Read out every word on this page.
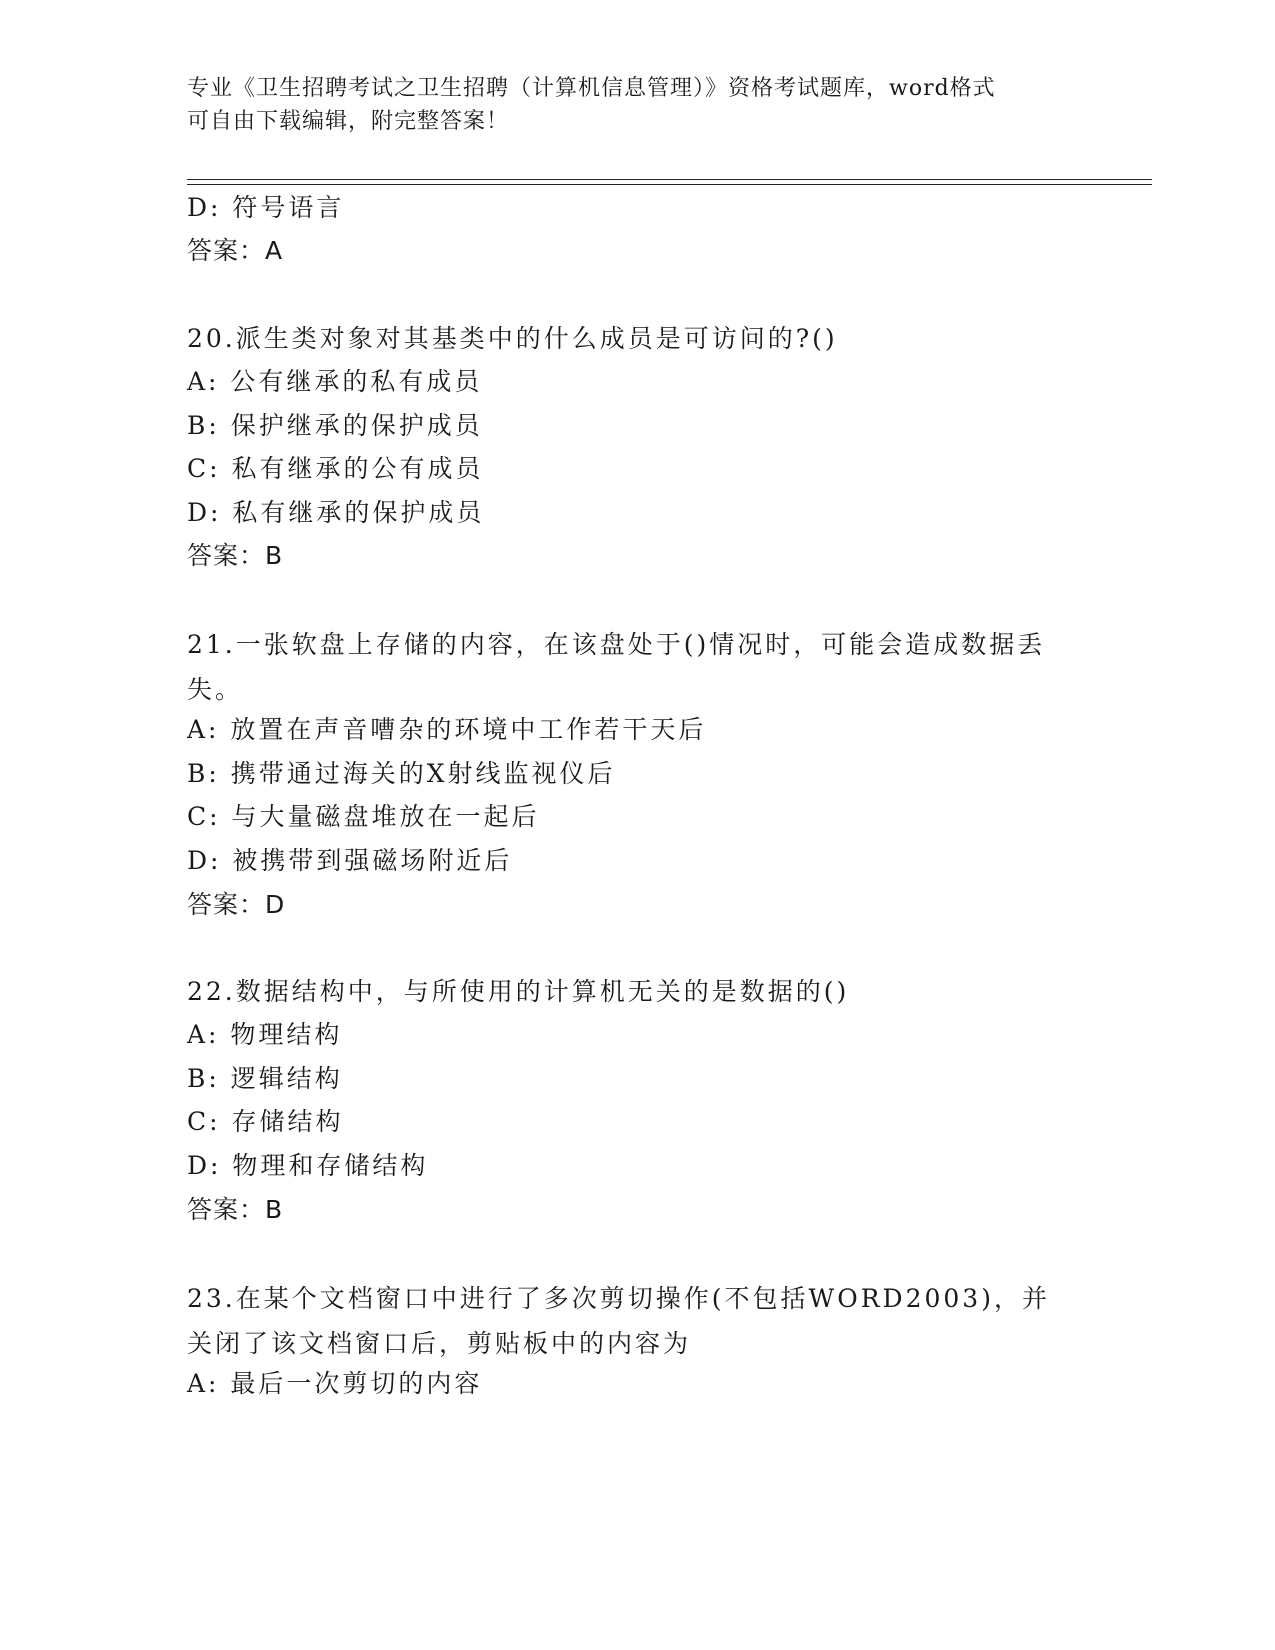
专业《卫生招聘考试之卫生招聘（计算机信息管理）》资格考试题库，word格式
可自由下载编辑，附完整答案！
D: 符号语言
答案：A
20.派生类对象对其基类中的什么成员是可访问的?()
A: 公有继承的私有成员
B: 保护继承的保护成员
C: 私有继承的公有成员
D: 私有继承的保护成员
答案：B
21.一张软盘上存储的内容，在该盘处于()情况时，可能会造成数据丢失。
A: 放置在声音嘈杂的环境中工作若干天后
B: 携带通过海关的X射线监视仪后
C: 与大量磁盘堆放在一起后
D: 被携带到强磁场附近后
答案：D
22.数据结构中，与所使用的计算机无关的是数据的()
A: 物理结构
B: 逻辑结构
C: 存储结构
D: 物理和存储结构
答案：B
23.在某个文档窗口中进行了多次剪切操作(不包括WORD2003)，并关闭了该文档窗口后，剪贴板中的内容为
A: 最后一次剪切的内容
